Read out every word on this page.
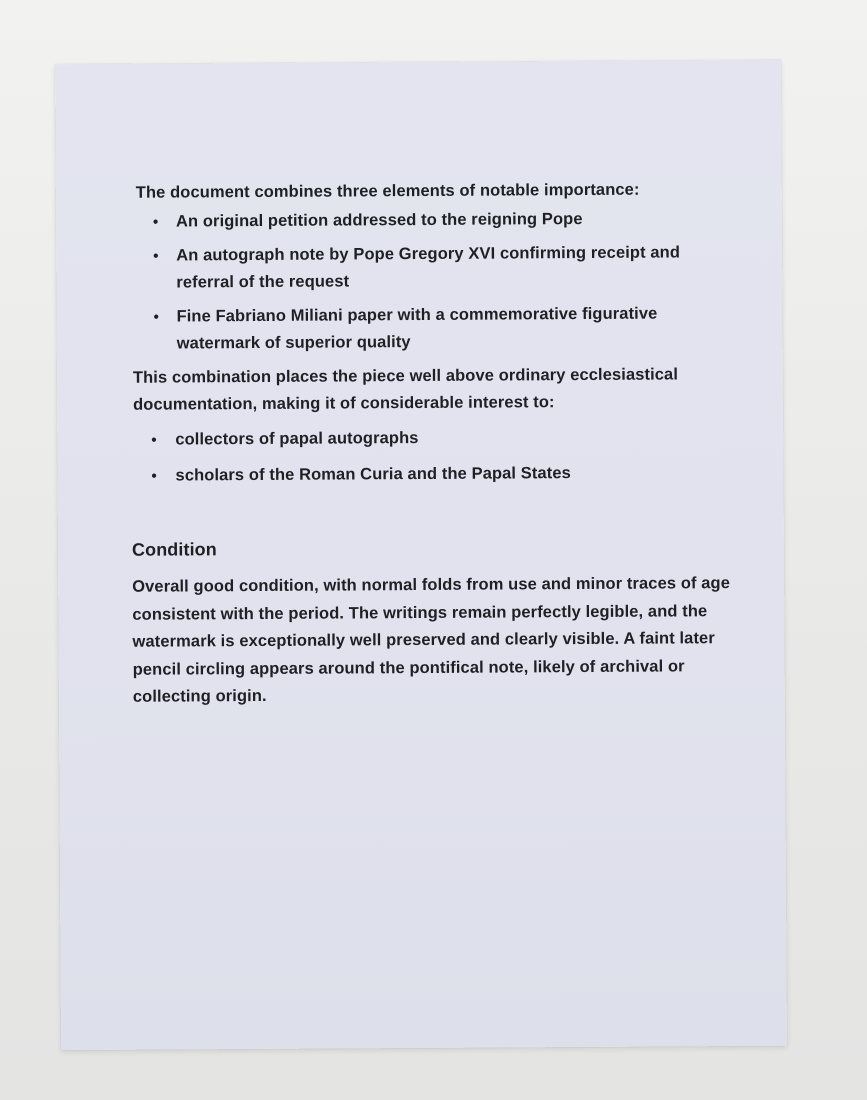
The document combines three elements of notable importance:

• An original petition addressed to the reigning Pope
• An autograph note by Pope Gregory XVI confirming receipt and referral of the request
• Fine Fabriano Miliani paper with a commemorative figurative watermark of superior quality

This combination places the piece well above ordinary ecclesiastical documentation, making it of considerable interest to:

• collectors of papal autographs
• scholars of the Roman Curia and the Papal States
Condition

Overall good condition, with normal folds from use and minor traces of age consistent with the period. The writings remain perfectly legible, and the watermark is exceptionally well preserved and clearly visible. A faint later pencil circling appears around the pontifical note, likely of archival or collecting origin.
